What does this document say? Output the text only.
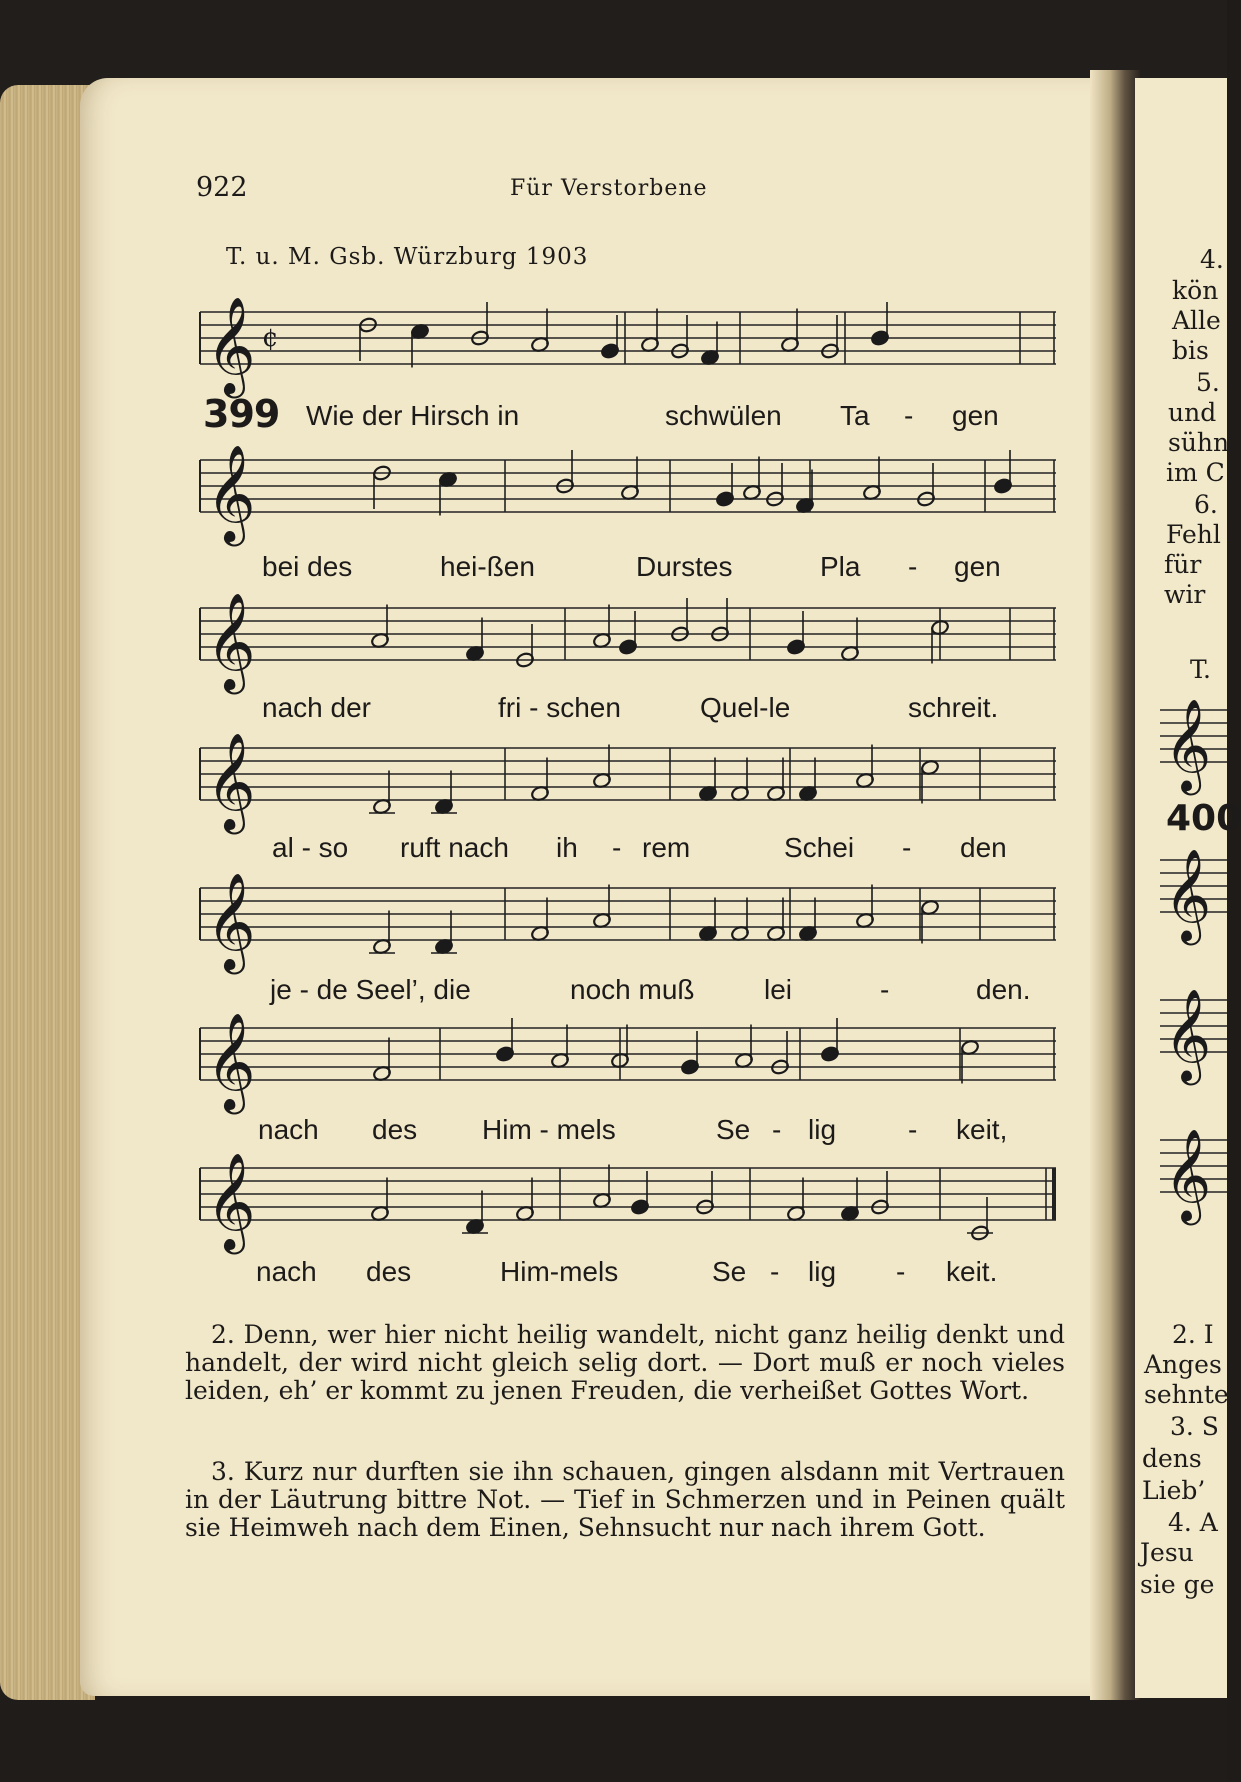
922	Für Verstorbene
T. u. M. Gsb. Würzburg 1903
399
𝄞 ¢
𝄞
𝄞
𝄞
𝄞
𝄞
𝄞
Wie der Hirsch in	schwülen Ta - gen
bei des	hei-ßen	Durstes	Pla - gen
nach der	fri - schen	Quel-le	schreit.
al - so ruft nach ih - rem	Schei - den
je - de Seel’, die	noch muß lei	-	den.
nach des Him - mels	Se - lig	- keit,
nach des	Him-mels	Se - lig - keit.
2. Denn, wer hier nicht heilig wandelt, nicht ganz heilig denkt und handelt, der wird nicht gleich selig dort. — Dort muß er noch vieles leiden, eh’ er kommt zu jenen Freuden, die verheißet Gottes Wort.
3. Kurz nur durften sie ihn schauen, gingen alsdann mit Vertrauen in der Läutrung bittre Not. — Tief in Schmerzen und in Peinen quält sie Heimweh nach dem Einen, Sehnsucht nur nach ihrem Gott.
4.
kön
Alle
bis
5.
und
sühn
im C
6.
Fehl
für
wir
T.
𝄞
400
𝄞
𝄞
𝄞
2. I
Anges
sehnte
3. S
dens
Lieb’
4. A
Jesu
sie ge
